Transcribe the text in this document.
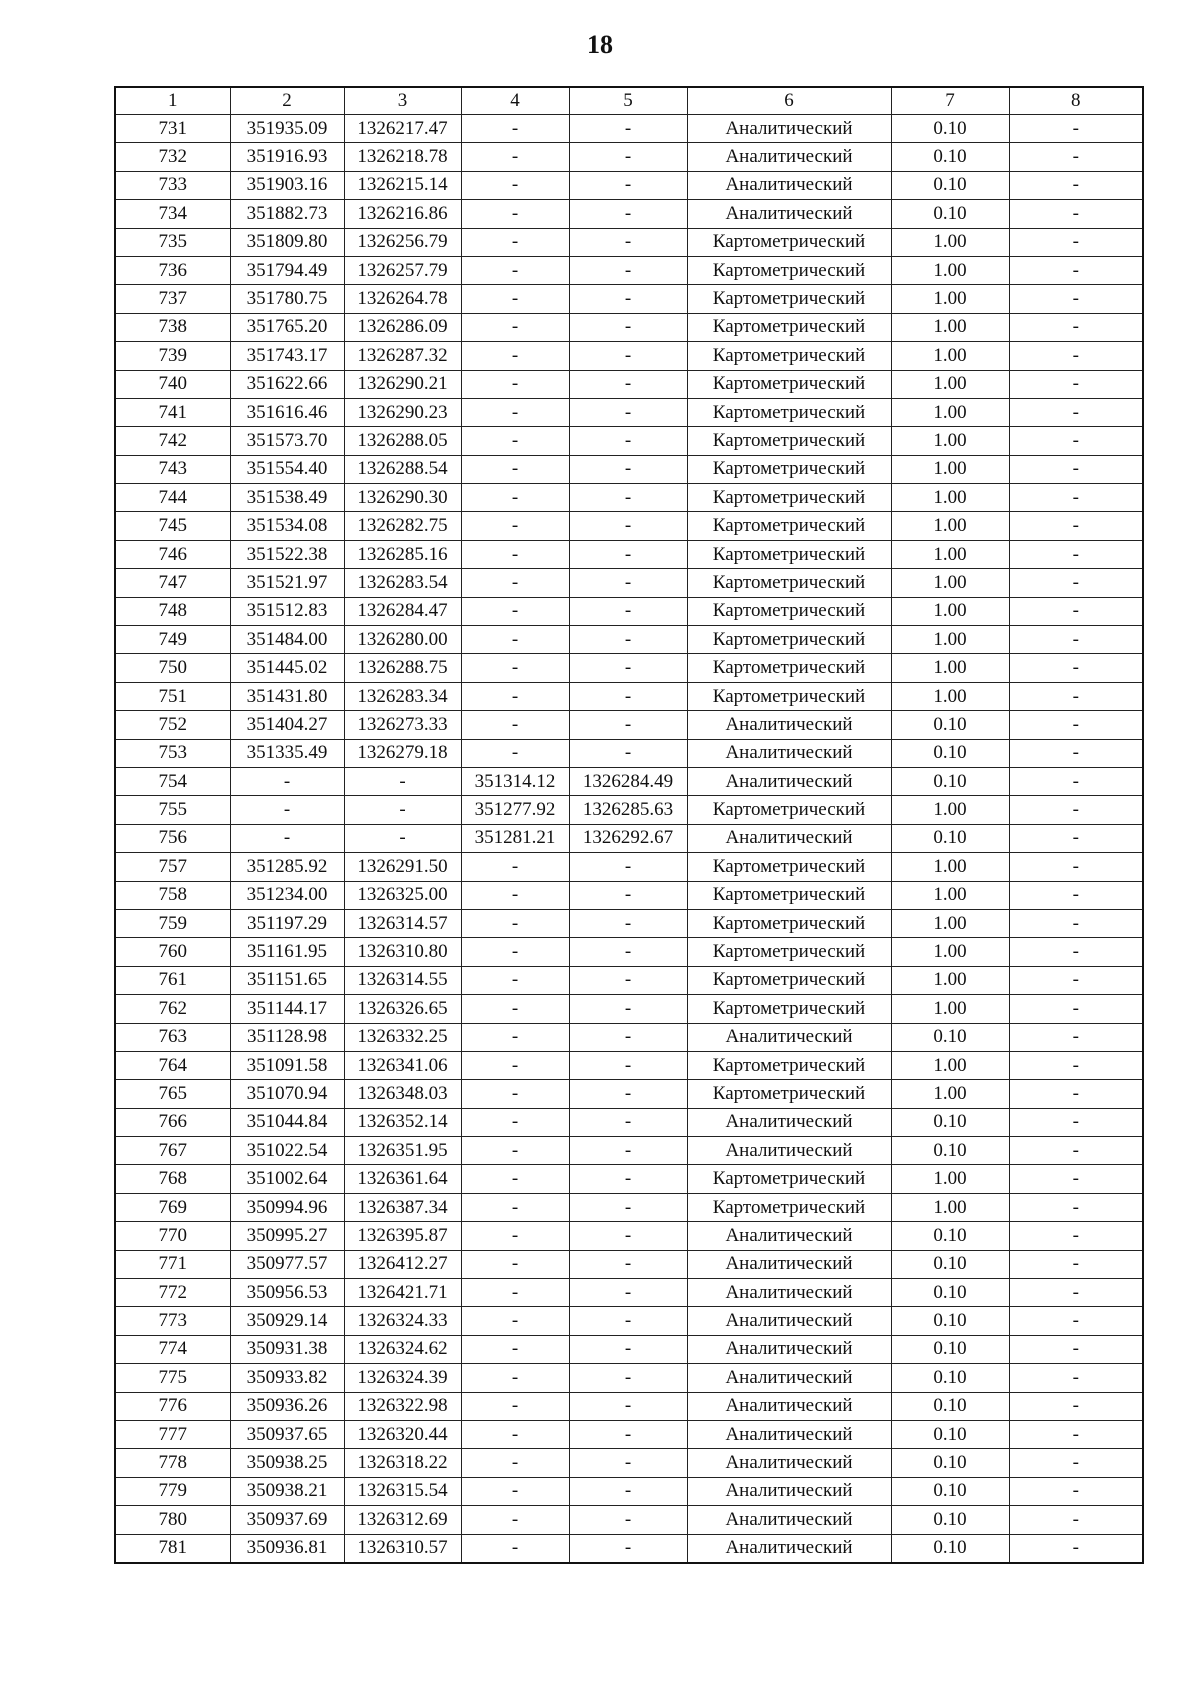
18
1	2	3	4	5	6	7	8
731	351935.09	1326217.47	-	-	Аналитический	0.10	-
732	351916.93	1326218.78	-	-	Аналитический	0.10	-
733	351903.16	1326215.14	-	-	Аналитический	0.10	-
734	351882.73	1326216.86	-	-	Аналитический	0.10	-
735	351809.80	1326256.79	-	-	Картометрический	1.00	-
736	351794.49	1326257.79	-	-	Картометрический	1.00	-
737	351780.75	1326264.78	-	-	Картометрический	1.00	-
738	351765.20	1326286.09	-	-	Картометрический	1.00	-
739	351743.17	1326287.32	-	-	Картометрический	1.00	-
740	351622.66	1326290.21	-	-	Картометрический	1.00	-
741	351616.46	1326290.23	-	-	Картометрический	1.00	-
742	351573.70	1326288.05	-	-	Картометрический	1.00	-
743	351554.40	1326288.54	-	-	Картометрический	1.00	-
744	351538.49	1326290.30	-	-	Картометрический	1.00	-
745	351534.08	1326282.75	-	-	Картометрический	1.00	-
746	351522.38	1326285.16	-	-	Картометрический	1.00	-
747	351521.97	1326283.54	-	-	Картометрический	1.00	-
748	351512.83	1326284.47	-	-	Картометрический	1.00	-
749	351484.00	1326280.00	-	-	Картометрический	1.00	-
750	351445.02	1326288.75	-	-	Картометрический	1.00	-
751	351431.80	1326283.34	-	-	Картометрический	1.00	-
752	351404.27	1326273.33	-	-	Аналитический	0.10	-
753	351335.49	1326279.18	-	-	Аналитический	0.10	-
754	-	-	351314.12	1326284.49	Аналитический	0.10	-
755	-	-	351277.92	1326285.63	Картометрический	1.00	-
756	-	-	351281.21	1326292.67	Аналитический	0.10	-
757	351285.92	1326291.50	-	-	Картометрический	1.00	-
758	351234.00	1326325.00	-	-	Картометрический	1.00	-
759	351197.29	1326314.57	-	-	Картометрический	1.00	-
760	351161.95	1326310.80	-	-	Картометрический	1.00	-
761	351151.65	1326314.55	-	-	Картометрический	1.00	-
762	351144.17	1326326.65	-	-	Картометрический	1.00	-
763	351128.98	1326332.25	-	-	Аналитический	0.10	-
764	351091.58	1326341.06	-	-	Картометрический	1.00	-
765	351070.94	1326348.03	-	-	Картометрический	1.00	-
766	351044.84	1326352.14	-	-	Аналитический	0.10	-
767	351022.54	1326351.95	-	-	Аналитический	0.10	-
768	351002.64	1326361.64	-	-	Картометрический	1.00	-
769	350994.96	1326387.34	-	-	Картометрический	1.00	-
770	350995.27	1326395.87	-	-	Аналитический	0.10	-
771	350977.57	1326412.27	-	-	Аналитический	0.10	-
772	350956.53	1326421.71	-	-	Аналитический	0.10	-
773	350929.14	1326324.33	-	-	Аналитический	0.10	-
774	350931.38	1326324.62	-	-	Аналитический	0.10	-
775	350933.82	1326324.39	-	-	Аналитический	0.10	-
776	350936.26	1326322.98	-	-	Аналитический	0.10	-
777	350937.65	1326320.44	-	-	Аналитический	0.10	-
778	350938.25	1326318.22	-	-	Аналитический	0.10	-
779	350938.21	1326315.54	-	-	Аналитический	0.10	-
780	350937.69	1326312.69	-	-	Аналитический	0.10	-
781	350936.81	1326310.57	-	-	Аналитический	0.10	-
